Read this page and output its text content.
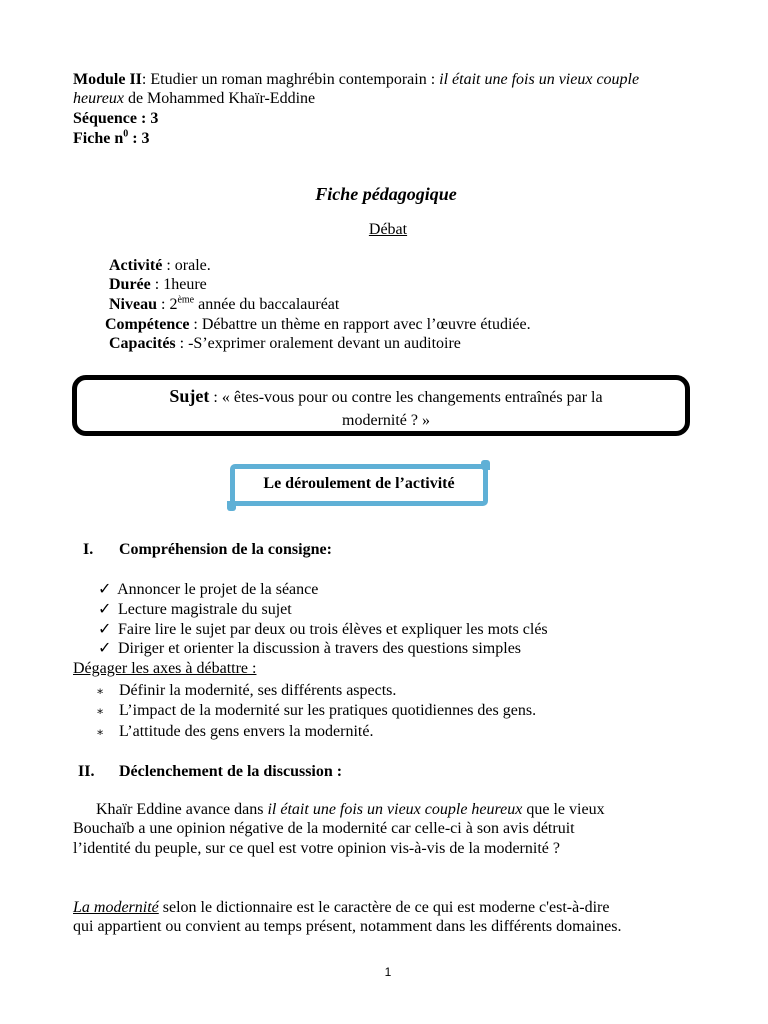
Module II: Etudier un roman maghrébin contemporain : il était une fois un vieux couple
heureux de Mohammed Khaïr-Eddine
Séquence : 3
Fiche $n^0$ : 3
Fiche pédagogique
Débat
Activité : orale.
Durée : 1heure
Niveau : 2ème année du baccalauréat
Compétence : Débattre un thème en rapport avec l’œuvre étudiée.
Capacités : -S’exprimer oralement devant un auditoire
Sujet : « êtes-vous pour ou contre les changements entraînés par la
modernité ? »
Le déroulement de l’activité
I. Compréhension de la consigne:
✓ Annoncer le projet de la séance
✓ Lecture magistrale du sujet
✓ Faire lire le sujet par deux ou trois élèves et expliquer les mots clés
✓ Diriger et orienter la discussion à travers des questions simples
Dégager les axes à débattre :
∗ Définir la modernité, ses différents aspects.
∗ L’impact de la modernité sur les pratiques quotidiennes des gens.
∗ L’attitude des gens envers la modernité.
II. Déclenchement de la discussion :
Khaïr Eddine avance dans il était une fois un vieux couple heureux que le vieux
Bouchaïb a une opinion négative de la modernité car celle-ci à son avis détruit
l’identité du peuple, sur ce quel est votre opinion vis-à-vis de la modernité ?
La modernité selon le dictionnaire est le caractère de ce qui est moderne c'est-à-dire
qui appartient ou convient au temps présent, notamment dans les différents domaines.
1
